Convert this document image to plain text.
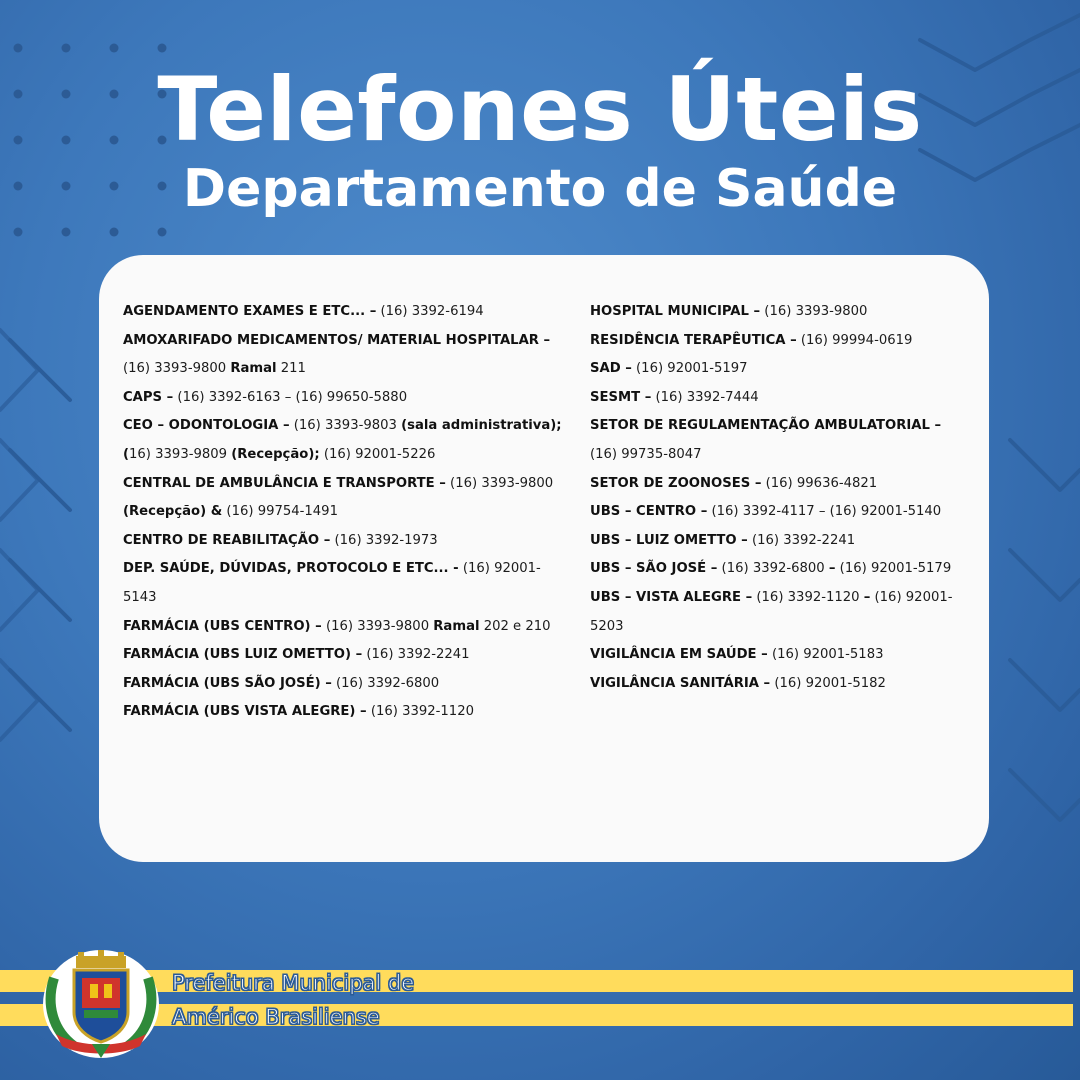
Telefones Úteis
Departamento de Saúde
AGENDAMENTO EXAMES E ETC... – (16) 3392-6194
AMOXARIFADO MEDICAMENTOS/ MATERIAL HOSPITALAR –
(16) 3393-9800 Ramal 211
CAPS – (16) 3392-6163 – (16) 99650-5880
CEO – ODONTOLOGIA – (16) 3393-9803 (sala administrativa);
(16) 3393-9809 (Recepção); (16) 92001-5226
CENTRAL DE AMBULÂNCIA E TRANSPORTE – (16) 3393-9800
(Recepção) & (16) 99754-1491
CENTRO DE REABILITAÇÃO – (16) 3392-1973
DEP. SAÚDE, DÚVIDAS, PROTOCOLO E ETC... - (16) 92001-5143
FARMÁCIA (UBS CENTRO) – (16) 3393-9800 Ramal 202 e 210
FARMÁCIA (UBS LUIZ OMETTO) – (16) 3392-2241
FARMÁCIA (UBS SÃO JOSÉ) – (16) 3392-6800
FARMÁCIA (UBS VISTA ALEGRE) – (16) 3392-1120
HOSPITAL MUNICIPAL – (16) 3393-9800
RESIDÊNCIA TERAPÊUTICA – (16) 99994-0619
SAD – (16) 92001-5197
SESMT – (16) 3392-7444
SETOR DE REGULAMENTAÇÃO AMBULATORIAL –
(16) 99735-8047
SETOR DE ZOONOSES – (16) 99636-4821
UBS – CENTRO – (16) 3392-4117 – (16) 92001-5140
UBS – LUIZ OMETTO – (16) 3392-2241
UBS – SÃO JOSÉ – (16) 3392-6800 – (16) 92001-5179
UBS – VISTA ALEGRE – (16) 3392-1120 – (16) 92001-
5203
VIGILÂNCIA EM SAÚDE – (16) 92001-5183
VIGILÂNCIA SANITÁRIA – (16) 92001-5182
Prefeitura Municipal de
Américo Brasiliense
